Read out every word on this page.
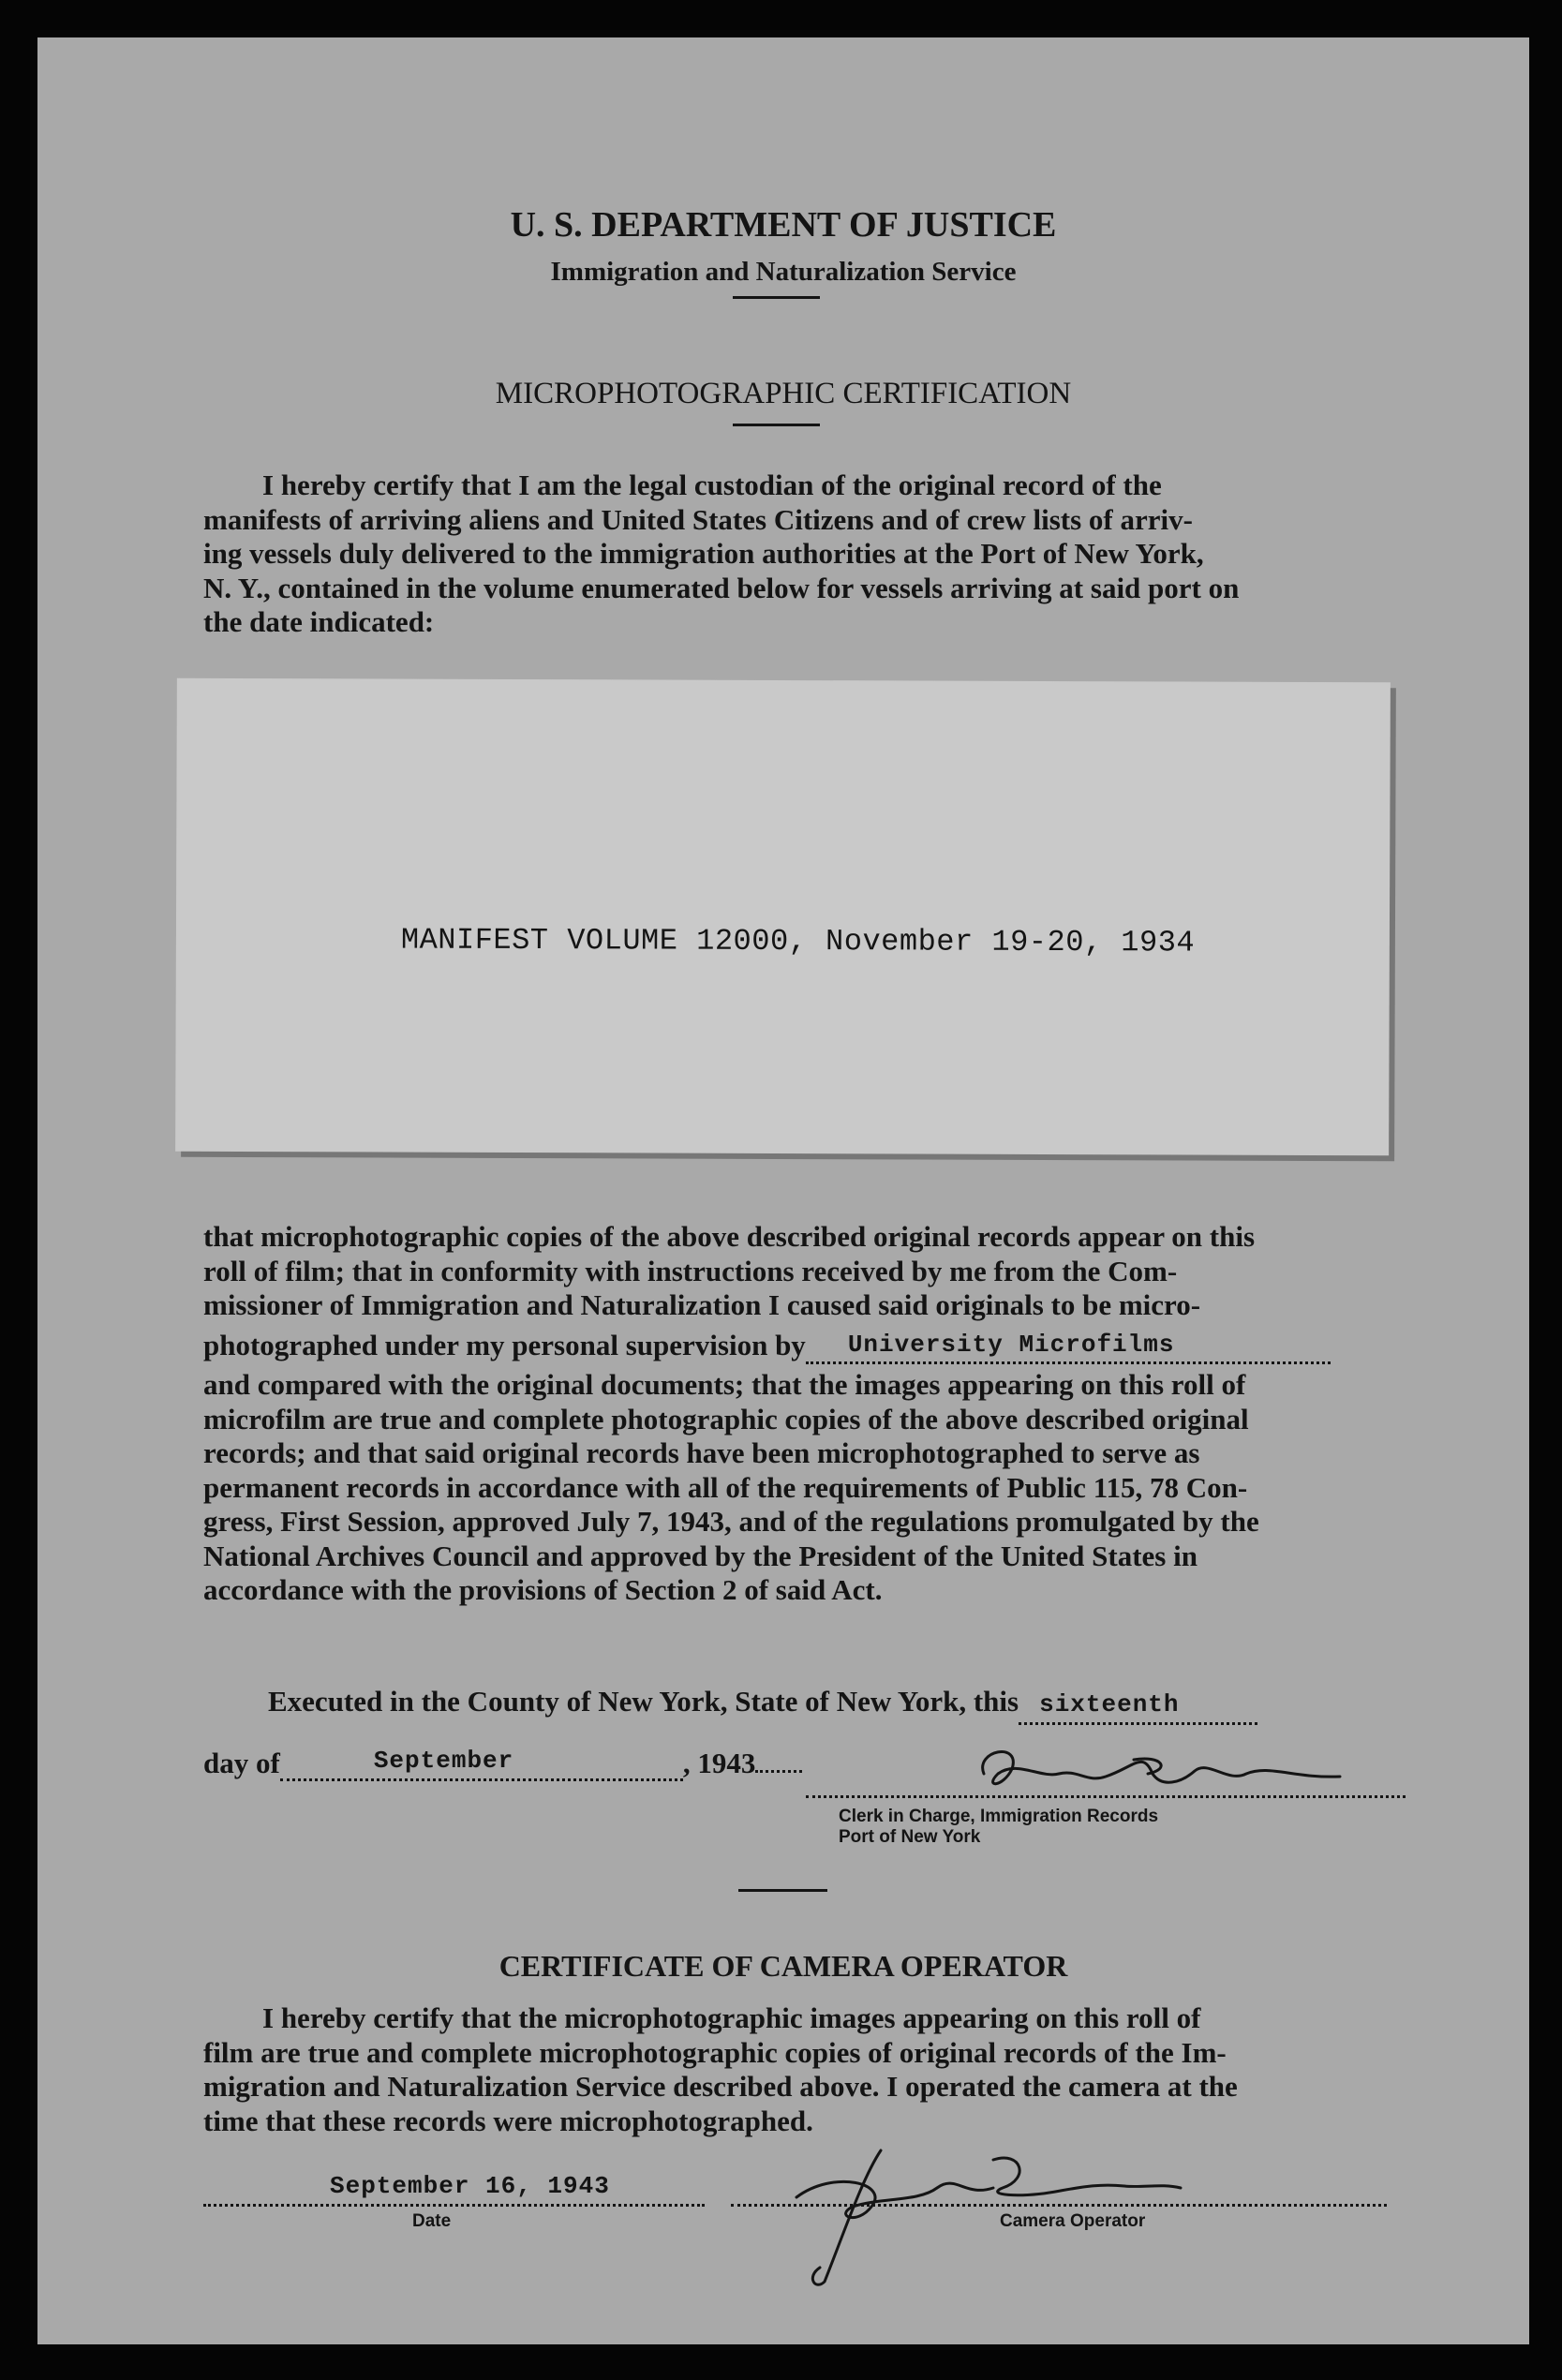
U. S. DEPARTMENT OF JUSTICE
Immigration and Naturalization Service
MICROPHOTOGRAPHIC CERTIFICATION

I hereby certify that I am the legal custodian of the original record of the

manifests of arriving aliens and United States Citizens and of crew lists of arriv-

ing vessels duly delivered to the immigration authorities at the Port of New York,

N. Y., contained in the volume enumerated below for vessels arriving at said port on

the date indicated:

MANIFEST VOLUME 12000, November 19-20, 1934

that microphotographic copies of the above described original records appear on this

roll of film; that in conformity with instructions received by me from the Com-

missioner of Immigration and Naturalization I caused said originals to be micro-

photographed under my personal supervision by University Microfilms

and compared with the original documents; that the images appearing on this roll of

microfilm are true and complete photographic copies of the above described original

records; and that said original records have been microphotographed to serve as

permanent records in accordance with all of the requirements of Public 115, 78 Con-

gress, First Session, approved July 7, 1943, and of the regulations promulgated by the

National Archives Council and approved by the President of the United States in

accordance with the provisions of Section 2 of said Act.

Executed in the County of New York, State of New York, this sixteenth
day of	September	, 1943
Clerk in Charge, Immigration Records
Port of New York
CERTIFICATE OF CAMERA OPERATOR

I hereby certify that the microphotographic images appearing on this roll of

film are true and complete microphotographic copies of original records of the Im-

migration and Naturalization Service described above. I operated the camera at the

time that these records were microphotographed.

September 16, 1943
Date	Camera Operator
